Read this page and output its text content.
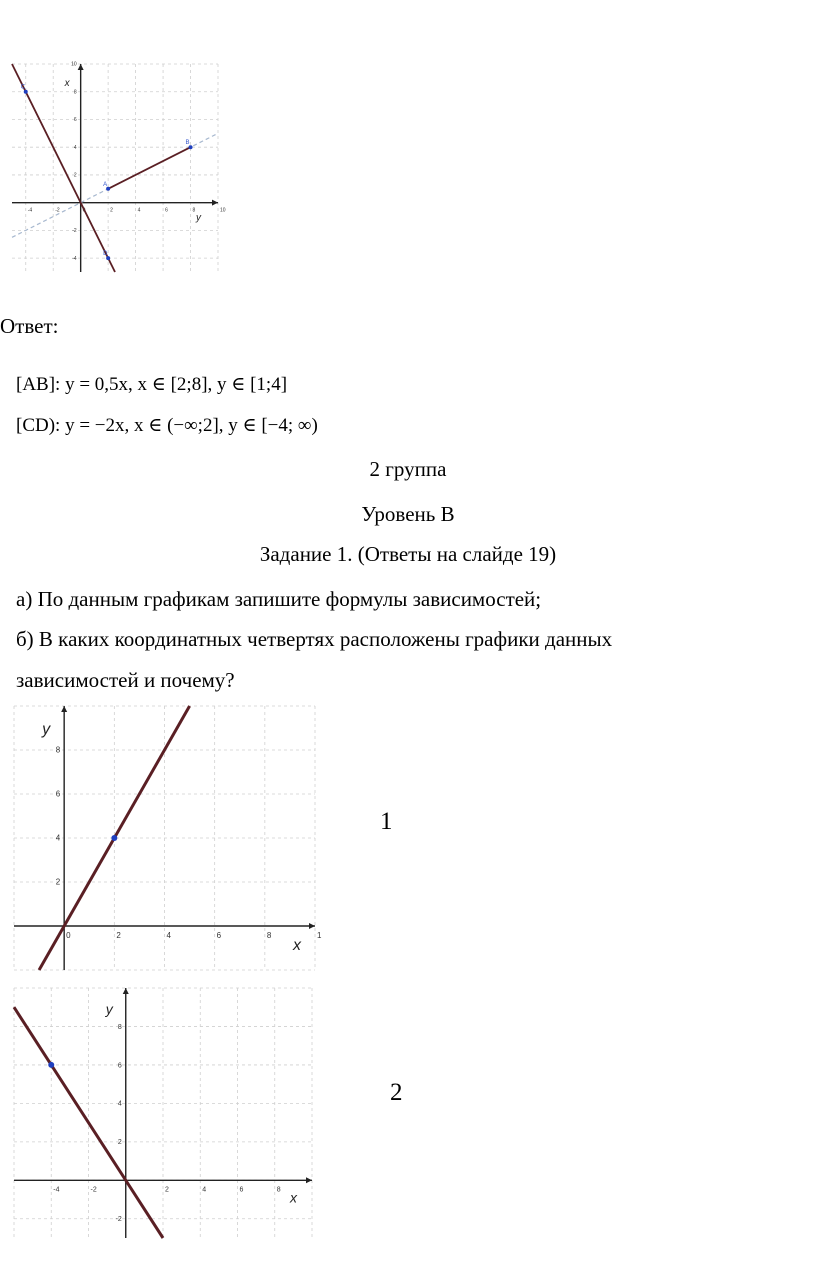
-4	-2	2	4	6	8	10
-4
-2
2
4
6
8
10
y
x
A
B
C
D
Ответ:
[AB]: y = 0,5x, x ∈ [2;8], y ∈ [1;4]
[CD): y = −2x, x ∈ (−∞;2], y ∈ [−4; ∞)
2 группа
Уровень В
Задание 1. (Ответы на слайде 19)
а) По данным графикам запишите формулы зависимостей;
б) В каких координатных четвертях расположены графики данных
зависимостей и почему?
0	2	4	6	8	1
2
4
6
8
x
y
1
-4	-2	2	4	6	8
-2
2
4
6
8
x
y
2
